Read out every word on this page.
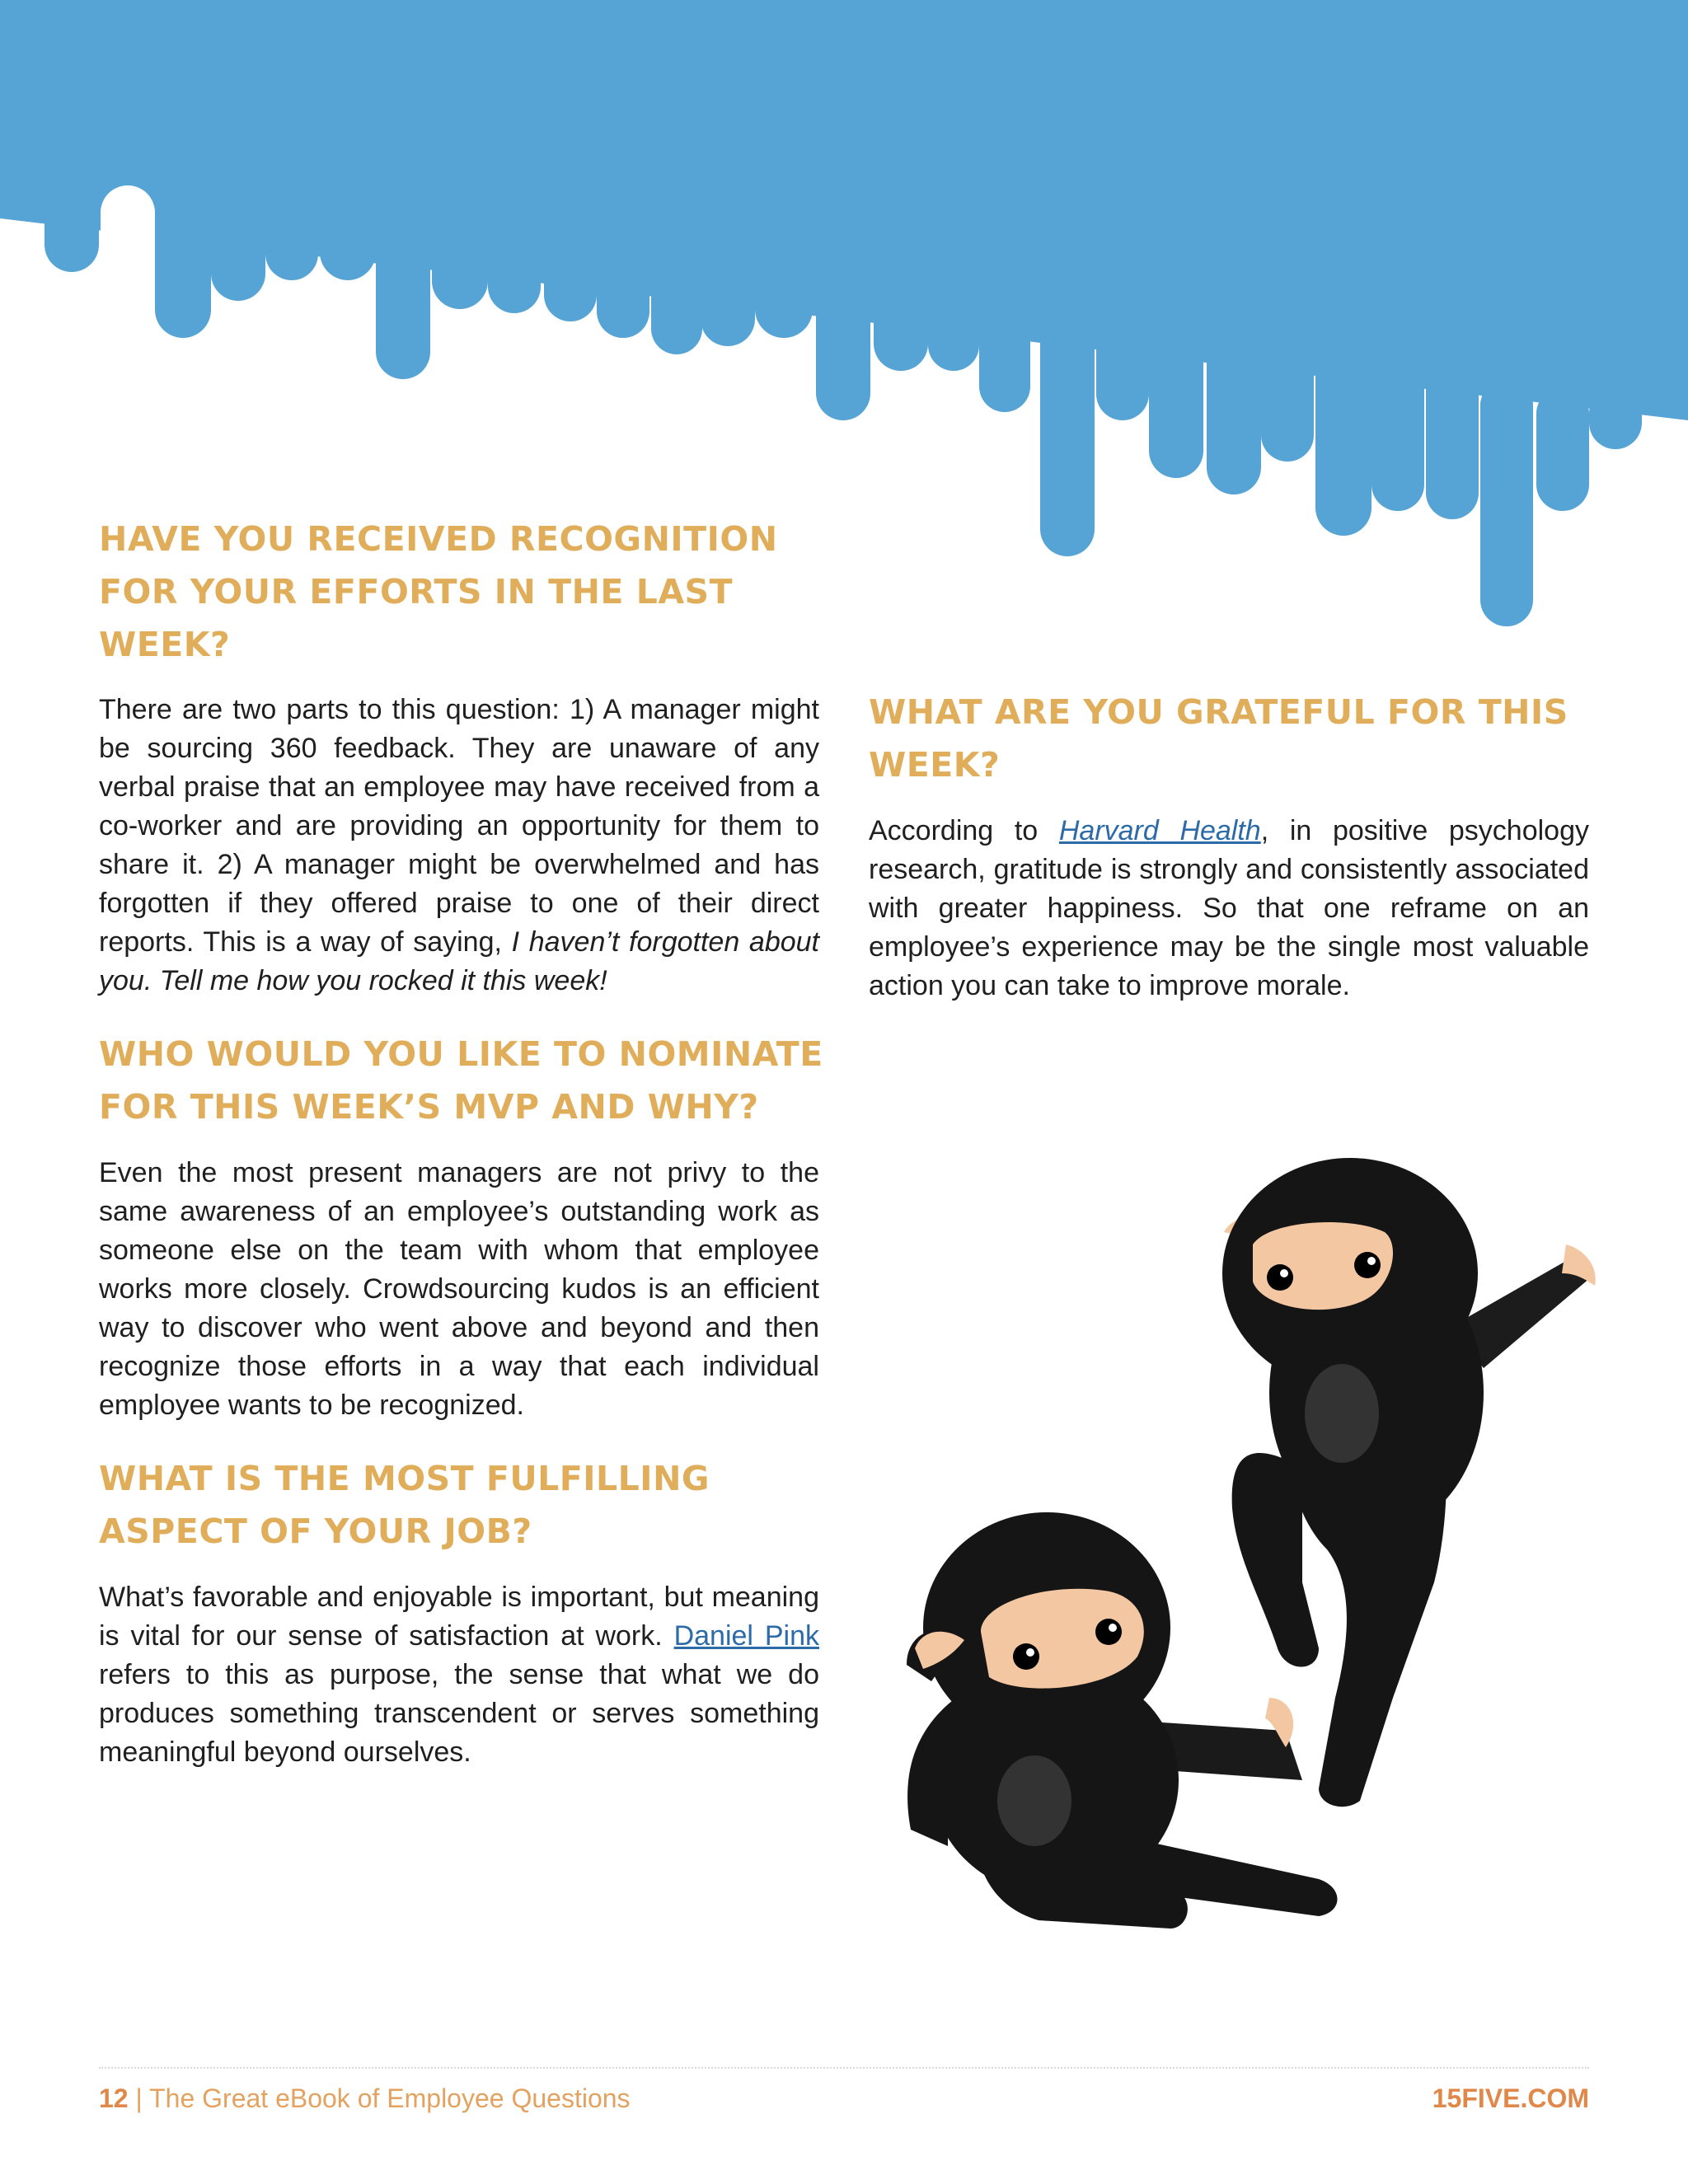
HAVE YOU RECEIVED RECOGNITION
FOR YOUR EFFORTS IN THE LAST
WEEK?

There are two parts to this question: 1) A manager might be sourcing 360 feedback. They are unaware of any verbal praise that an employee may have received from a co-worker and are providing an opportunity for them to share it. 2) A manager might be overwhelmed and has forgotten if they offered praise to one of their direct reports. This is a way of saying, I haven’t forgotten about you. Tell me how you rocked it this week!

WHO WOULD YOU LIKE TO NOMINATE
FOR THIS WEEK’S MVP AND WHY?

Even the most present managers are not privy to the same awareness of an employee’s outstanding work as someone else on the team with whom that employee works more closely. Crowdsourcing kudos is an efficient way to discover who went above and beyond and then recognize those efforts in a way that each individual employee wants to be recognized.

WHAT IS THE MOST FULFILLING
ASPECT OF YOUR JOB?

What’s favorable and enjoyable is important, but meaning is vital for our sense of satisfaction at work. Daniel Pink refers to this as purpose, the sense that what we do produces something transcendent or serves something meaningful beyond ourselves.

WHAT ARE YOU GRATEFUL FOR THIS
WEEK?

According to Harvard Health, in positive psychology research, gratitude is strongly and consistently associated with greater happiness. So that one reframe on an employee’s experience may be the single most valuable action you can take to improve morale.

12 | The Great eBook of Employee Questions	15FIVE.COM
